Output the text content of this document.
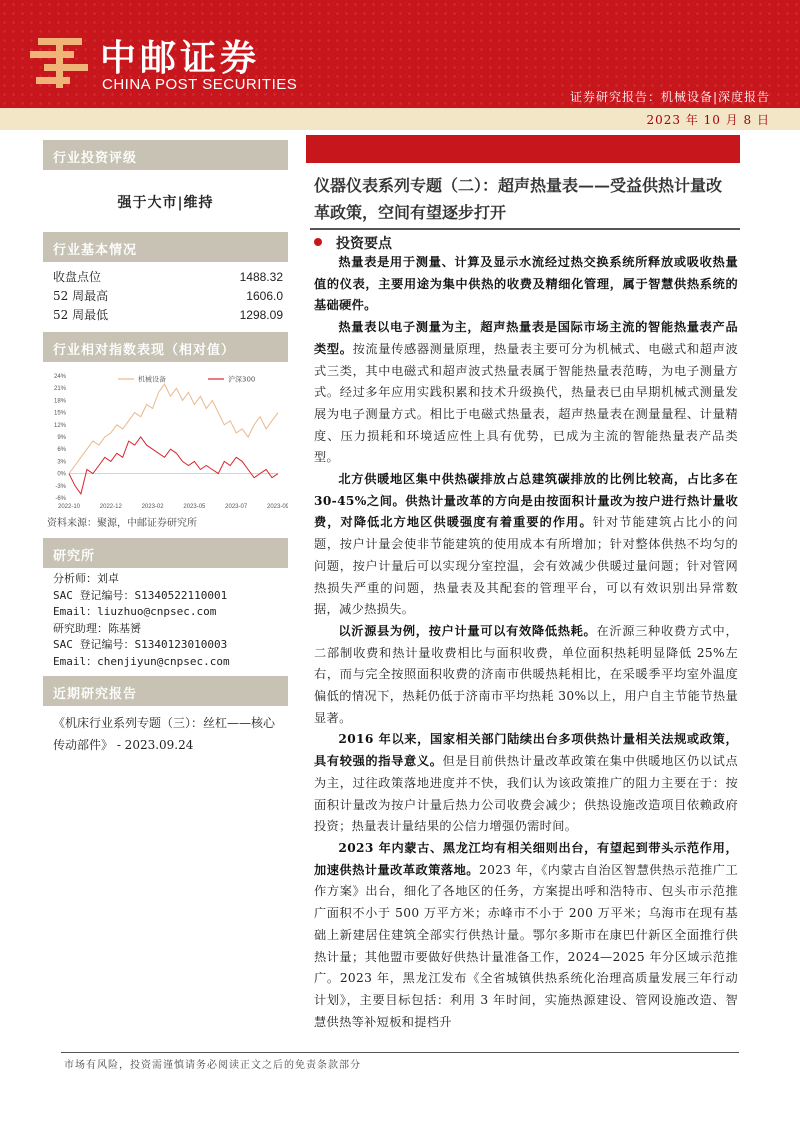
中邮证券
CHINA POST SECURITIES
证券研究报告：机械设备|深度报告
2023 年 10 月 8 日
行业投资评级
强于大市|维持
行业基本情况
收盘点位	1488.32
52 周最高	1606.0
52 周最低	1298.09
行业相对指数表现（相对值）
24%
21%
18%
15%
12%
9%
6%
3%
0%
-3%
-6%
2022-10	2022-12	2023-02	2023-05	2023-07	2023-09
机械设备	沪深300
资料来源：聚源，中邮证券研究所
研究所
分析师：刘卓
SAC 登记编号：S1340522110001
Email：liuzhuo@cnpsec.com
研究助理：陈基赟
SAC 登记编号：S1340123010003
Email：chenjiyun@cnpsec.com
近期研究报告
《机床行业系列专题（三）：丝杠——核心传动部件》 - 2023.09.24
仪器仪表系列专题（二）：超声热量表——受益供热计量改革政策，空间有望逐步打开
投资要点

热量表是用于测量、计算及显示水流经过热交换系统所释放或吸收热量值的仪表，主要用途为集中供热的收费及精细化管理，属于智慧供热系统的基础硬件。

热量表以电子测量为主，超声热量表是国际市场主流的智能热量表产品类型。按流量传感器测量原理，热量表主要可分为机械式、电磁式和超声波式三类，其中电磁式和超声波式热量表属于智能热量表范畴，为电子测量方式。经过多年应用实践积累和技术升级换代，热量表已由早期机械式测量发展为电子测量方式。相比于电磁式热量表，超声热量表在测量量程、计量精度、压力损耗和环境适应性上具有优势，已成为主流的智能热量表产品类型。

北方供暖地区集中供热碳排放占总建筑碳排放的比例比较高，占比多在 30-45%之间。供热计量改革的方向是由按面积计量改为按户进行热计量收费，对降低北方地区供暖强度有着重要的作用。针对节能建筑占比小的问题，按户计量会使非节能建筑的使用成本有所增加；针对整体供热不均匀的问题，按户计量后可以实现分室控温，会有效减少供暖过量问题；针对管网热损失严重的问题，热量表及其配套的管理平台，可以有效识别出异常数据，减少热损失。

以沂源县为例，按户计量可以有效降低热耗。在沂源三种收费方式中，二部制收费和热计量收费相比与面积收费，单位面积热耗明显降低 25%左右，而与完全按照面积收费的济南市供暖热耗相比，在采暖季平均室外温度偏低的情况下，热耗仍低于济南市平均热耗 30%以上，用户自主节能节热量显著。

2016 年以来，国家相关部门陆续出台多项供热计量相关法规或政策，具有较强的指导意义。但是目前供热计量改革政策在集中供暖地区仍以试点为主，过往政策落地进度并不快，我们认为该政策推广的阻力主要在于：按面积计量改为按户计量后热力公司收费会减少；供热设施改造项目依赖政府投资；热量表计量结果的公信力增强仍需时间。

2023 年内蒙古、黑龙江均有相关细则出台，有望起到带头示范作用，加速供热计量改革政策落地。2023 年，《内蒙古自治区智慧供热示范推广工作方案》出台，细化了各地区的任务，方案提出呼和浩特市、包头市示范推广面积不小于 500 万平方米；赤峰市不小于 200 万平米；乌海市在现有基础上新建居住建筑全部实行供热计量。鄂尔多斯市在康巴什新区全面推行供热计量；其他盟市要做好供热计量准备工作，2024—2025 年分区域示范推广。2023 年，黑龙江发布《全省城镇供热系统化治理高质量发展三年行动计划》，主要目标包括：利用 3 年时间，实施热源建设、管网设施改造、智慧供热等补短板和提档升

市场有风险，投资需谨慎请务必阅读正文之后的免责条款部分
